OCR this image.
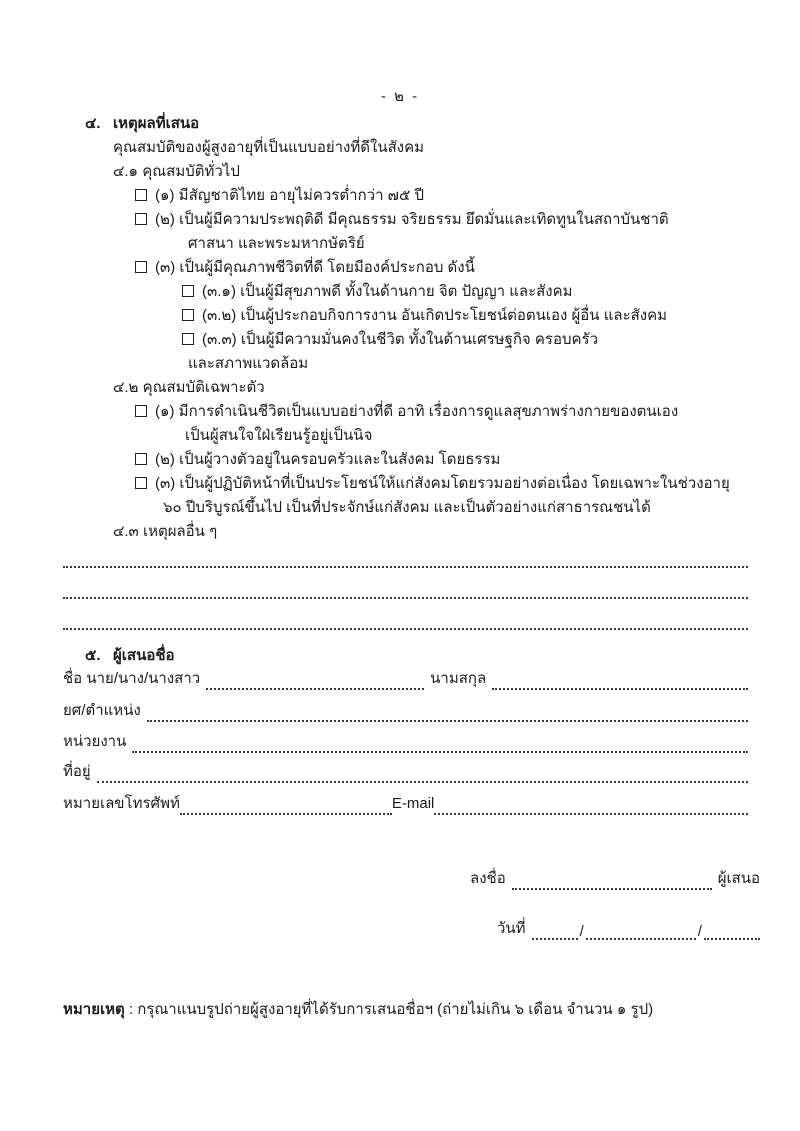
- ๒ -
๔. เหตุผลที่เสนอ
คุณสมบัติของผู้สูงอายุที่เป็นแบบอย่างที่ดีในสังคม
๔.๑ คุณสมบัติทั่วไป
(๑) มีสัญชาติไทย อายุไม่ควรต่ำกว่า ๗๕ ปี
(๒) เป็นผู้มีความประพฤติดี มีคุณธรรม จริยธรรม ยึดมั่นและเทิดทูนในสถาบันชาติ
ศาสนา และพระมหากษัตริย์
(๓) เป็นผู้มีคุณภาพชีวิตที่ดี โดยมีองค์ประกอบ ดังนี้
(๓.๑) เป็นผู้มีสุขภาพดี ทั้งในด้านกาย จิต ปัญญา และสังคม
(๓.๒) เป็นผู้ประกอบกิจการงาน อันเกิดประโยชน์ต่อตนเอง ผู้อื่น และสังคม
(๓.๓) เป็นผู้มีความมั่นคงในชีวิต ทั้งในด้านเศรษฐกิจ ครอบครัว
และสภาพแวดล้อม
๔.๒ คุณสมบัติเฉพาะตัว
(๑) มีการดำเนินชีวิตเป็นแบบอย่างที่ดี อาทิ เรื่องการดูแลสุขภาพร่างกายของตนเอง
เป็นผู้สนใจใฝ่เรียนรู้อยู่เป็นนิจ
(๒) เป็นผู้วางตัวอยู่ในครอบครัวและในสังคม โดยธรรม
(๓) เป็นผู้ปฏิบัติหน้าที่เป็นประโยชน์ให้แก่สังคมโดยรวมอย่างต่อเนื่อง โดยเฉพาะในช่วงอายุ
๖๐ ปีบริบูรณ์ขึ้นไป เป็นที่ประจักษ์แก่สังคม และเป็นตัวอย่างแก่สาธารณชนได้
๔.๓ เหตุผลอื่น ๆ
๕. ผู้เสนอชื่อ
ชื่อ นาย/นาง/นางสาว	นามสกุล
ยศ/ตำแหน่ง
หน่วยงาน
ที่อยู่
หมายเลขโทรศัพท์	E-mail
ลงชื่อ	ผู้เสนอ
วันที่	/	/
หมายเหตุ : กรุณาแนบรูปถ่ายผู้สูงอายุที่ได้รับการเสนอชื่อฯ (ถ่ายไม่เกิน ๖ เดือน จำนวน ๑ รูป)
